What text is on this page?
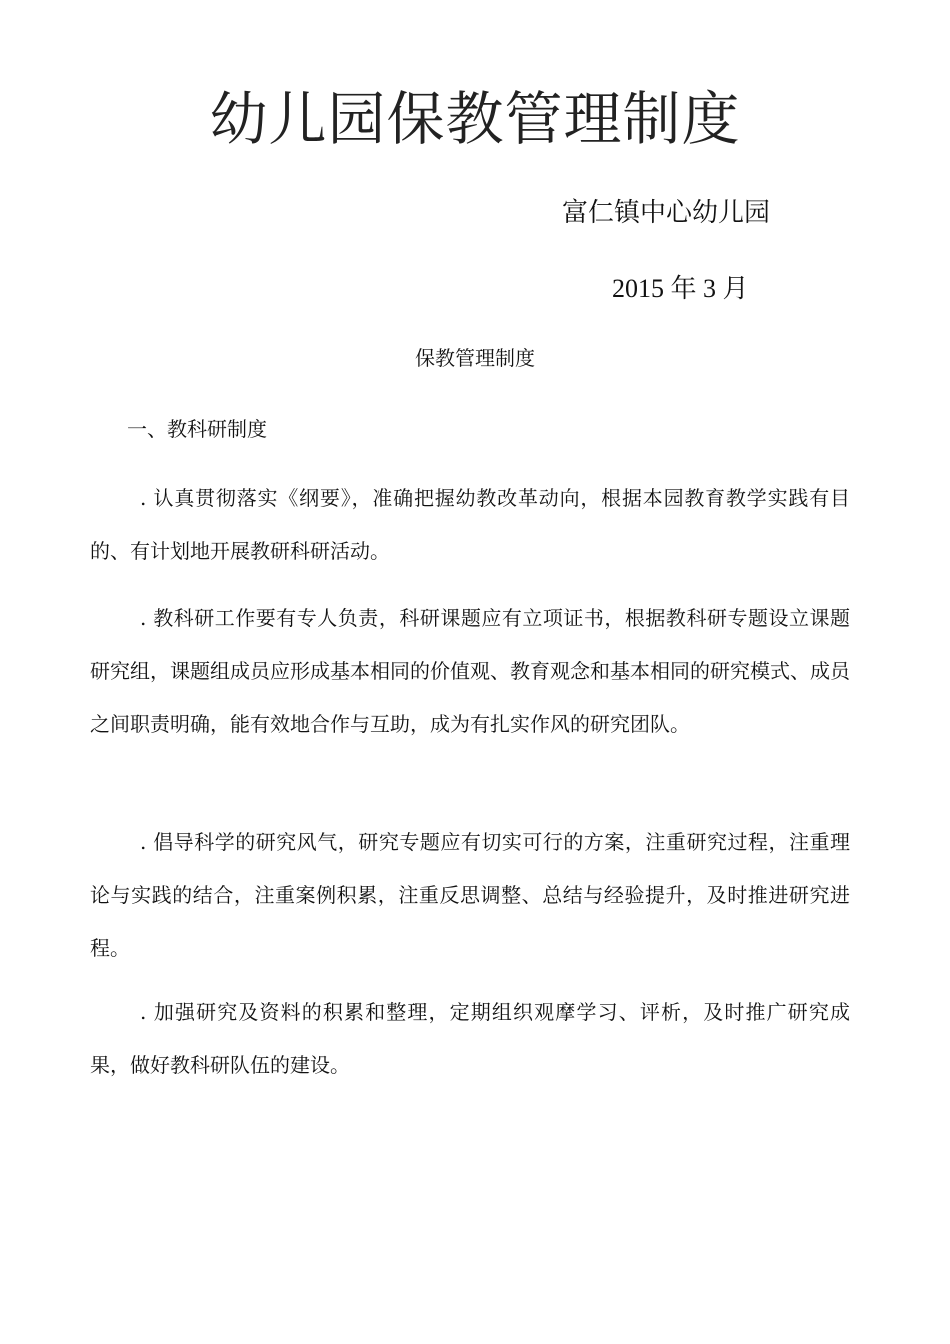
幼儿园保教管理制度

富仁镇中心幼儿园

2015 年 3 月

保教管理制度

一、教科研制度

. 认真贯彻落实《纲要》，准确把握幼教改革动向，根据本园教育教学实践有目的、有计划地开展教研科研活动。

. 教科研工作要有专人负责，科研课题应有立项证书，根据教科研专题设立课题研究组，课题组成员应形成基本相同的价值观、教育观念和基本相同的研究模式、成员之间职责明确，能有效地合作与互助，成为有扎实作风的研究团队。

. 倡导科学的研究风气，研究专题应有切实可行的方案，注重研究过程，注重理论与实践的结合，注重案例积累，注重反思调整、总结与经验提升，及时推进研究进程。

. 加强研究及资料的积累和整理，定期组织观摩学习、评析，及时推广研究成果，做好教科研队伍的建设。
